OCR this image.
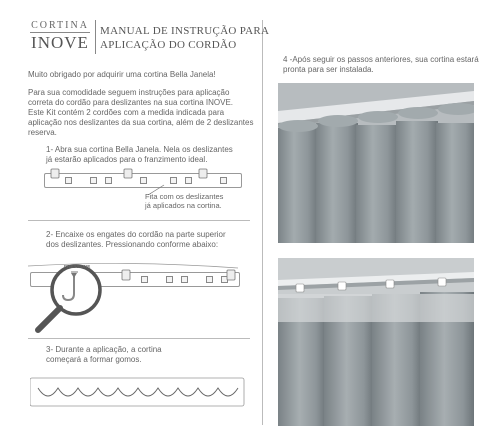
CORTINA
INOVE
MANUAL DE INSTRUÇÃO PARA
APLICAÇÃO DO CORDÃO
Muito obrigado por adquirir uma cortina Bella Janela!
Para sua comodidade seguem instruções para aplicação
correta do cordão para deslizantes na sua cortina INOVE.
Este Kit contém 2 cordões com a medida indicada para
aplicação nos deslizantes da sua cortina, além de 2 deslizantes
reserva.
1- Abra sua cortina Bella Janela. Nela os deslizantes
já estarão aplicados para o franzimento ideal.
Fita com os deslizantes
já aplicados na cortina.
2- Encaixe os engates do cordão na parte superior
dos deslizantes. Pressionando conforme abaixo:
PRESSIONE
3- Durante a aplicação, a cortina
começará a formar gomos.
4 -Após seguir os passos anteriores, sua cortina estará
pronta para ser instalada.
